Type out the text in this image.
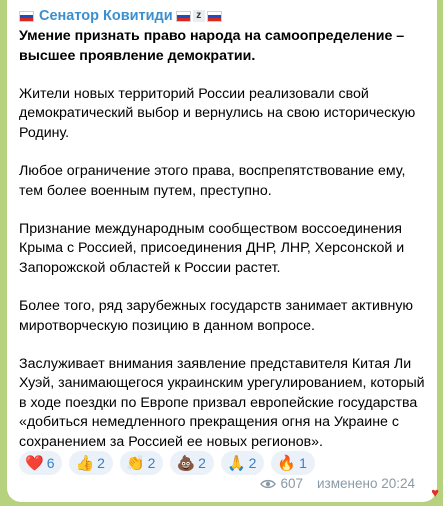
Сенатор Ковитиди	z

Умение признать право народа на самоопределение – высшее проявление демократии.

Жители новых территорий России реализовали свой демократический выбор и вернулись на свою историческую Родину.

Любое ограничение этого права, воспрепятствование ему, тем более военным путем, преступно.

Признание международным сообществом воссоединения Крыма с Россией, присоединения ДНР, ЛНР, Херсонской и Запорожской областей к России растет.

Более того, ряд зарубежных государств занимает активную миротворческую позицию в данном вопросе.

Заслуживает внимания заявление представителя Китая Ли Хуэй, занимающегося украинским урегулированием, который в ходе поездки по Европе призвал европейские государства «добиться немедленного прекращения огня на Украине с сохранением за Россией ее новых регионов».

❤️ 6 👍 2 👏 2 💩 2 🙏 2 🔥 1
607 изменено 20:24
♥
